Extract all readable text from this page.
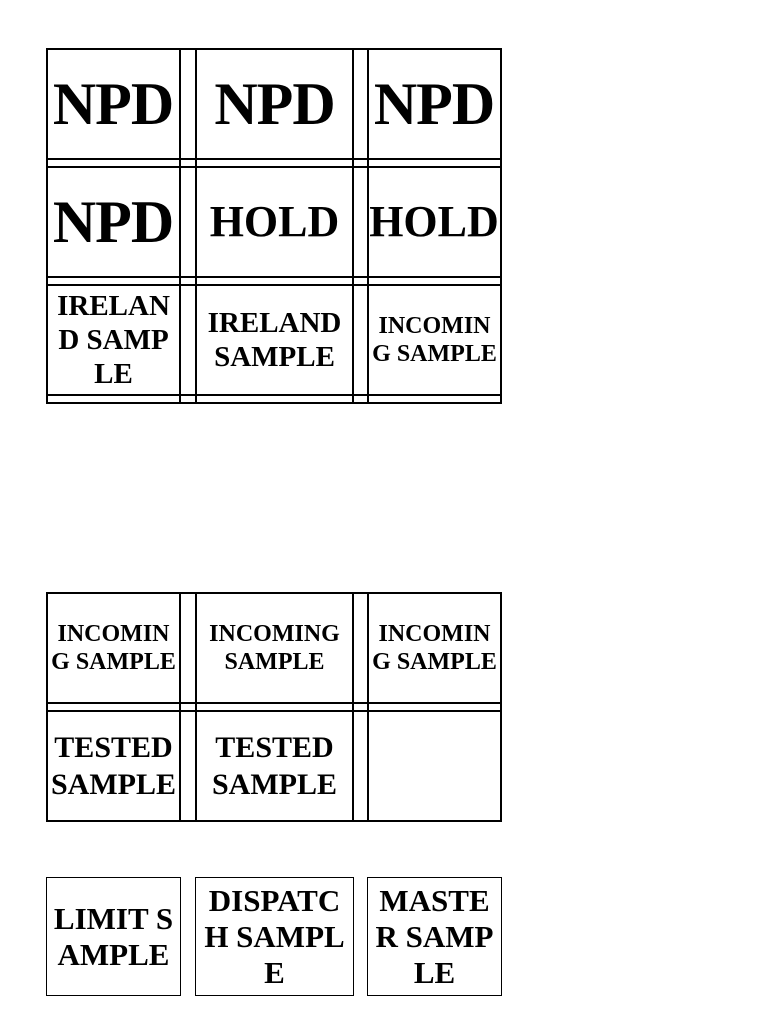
NPD NPD NPD
NPD HOLD HOLD
IRELAND SAMPLE
IRELAND SAMPLE
INCOMING SAMPLE
INCOMING SAMPLE
INCOMING SAMPLE
INCOMING SAMPLE
TESTED SAMPLE
TESTED SAMPLE
LIMIT SAMPLE
DISPATCH SAMPLE
MASTER SAMPLE
